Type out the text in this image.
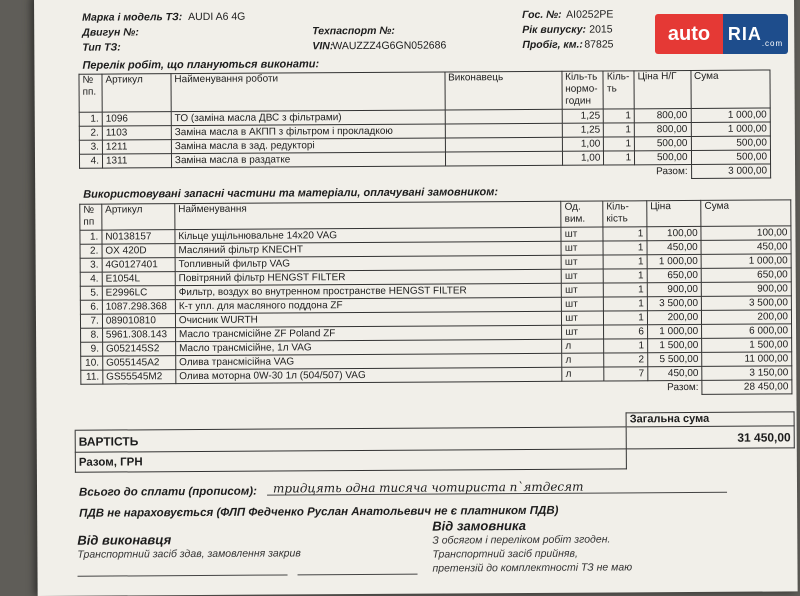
Марка і модель ТЗ: AUDI A6 4G
Двигун №:
Тип ТЗ:
Техпаспорт №:
VIN:
WAUZZZ4G6GN052686
Гос. №: AI0252PE
Рік випуску: 2015
Пробіг, км.: 87825
Перелік робіт, що плануються виконати:
№ пп.	Артикул	Найменування роботи	Виконавець	Кіль-ть нормо-годин	Кіль-ть	Ціна Н/Г	Сума
1.	1096	ТО (заміна масла ДВС з фільтрами)		1,25	1	800,00	1 000,00
2.	1103	Заміна масла в АКПП з фільтром і прокладкою		1,25	1	800,00	1 000,00
3.	1211	Заміна масла в зад. редукторі		1,00	1	500,00	500,00
4.	1311	Заміна масла в раздатке		1,00	1	500,00	500,00
						Разом:	3 000,00
Використовувані запасні частини та матеріали, оплачувані замовником:
№ пп	Артикул	Найменування	Од. вим.	Кіль-кість	Ціна	Сума
1.	N0138157	Кільце ущільнювальне 14х20 VAG	шт	1	100,00	100,00
2.	OX 420D	Масляний фільтр KNECHT	шт	1	450,00	450,00
3.	4G0127401	Топливный фильтр VAG	шт	1	1 000,00	1 000,00
4.	E1054L	Повітряний фільтр HENGST FILTER	шт	1	650,00	650,00
5.	E2996LC	Фильтр, воздух во внутренном пространстве HENGST FILTER	шт	1	900,00	900,00
6.	1087.298.368	К-т упл. для масляного поддона ZF	шт	1	3 500,00	3 500,00
7.	089010810	Очисник WURTH	шт	1	200,00	200,00
8.	5961.308.143	Масло трансмісійне ZF Poland ZF	шт	6	1 000,00	6 000,00
9.	G052145S2	Масло трансмісійне, 1л VAG	л	1	1 500,00	1 500,00
10.	G055145A2	Олива трансмісійна VAG	л	2	5 500,00	11 000,00
11.	GS55545M2	Олива моторна 0W-30 1л (504/507) VAG	л	7	450,00	3 150,00
					Разом:	28 450,00
	Загальна сума
ВАРТІСТЬ	31 450,00
Разом, ГРН	
Всього до сплати (прописом): тридцять одна тисяча чотириста п`ятдесят
ПДВ не нараховується (ФЛП Федченко Руслан Анатольевич не є платником ПДВ)
Від виконавця
Транспортний засіб здав, замовлення закрив
Від замовника
З обсягом і переліком робіт згоден.
Транспортний засіб прийняв,
претензій до комплектності ТЗ не маю
auto RIA .com
